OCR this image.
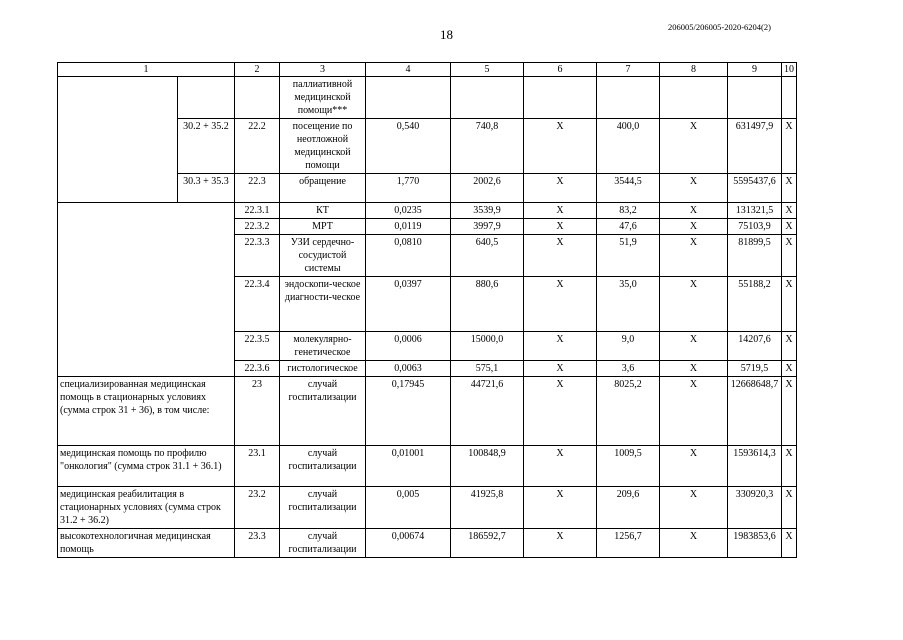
18	206005/206005-2020-6204(2)
1			2	3	4	5	6	7	8	9	10
				паллиативной медицинской помощи***							
		30.2 + 35.2	22.2	посещение по неотложной медицинской помощи	0,540	740,8	X	400,0	X	631497,9	X
		30.3 + 35.3	22.3	обращение	1,770	2002,6	X	3544,5	X	5595437,6	X
			22.3.1	КТ	0,0235	3539,9	X	83,2	X	131321,5	X
			22.3.2	МРТ	0,0119	3997,9	X	47,6	X	75103,9	X
			22.3.3	УЗИ сердечно-сосудистой системы	0,0810	640,5	X	51,9	X	81899,5	X
			22.3.4	эндоскопи-ческое диагности-ческое	0,0397	880,6	X	35,0	X	55188,2	X
			22.3.5	молекулярно-генетическое	0,0006	15000,0	X	9,0	X	14207,6	X
			22.3.6	гистологическое	0,0063	575,1	X	3,6	X	5719,5	X
специализированная медицинская помощь в стационарных условиях (сумма строк 31 + 36), в том числе:			23	случай госпитализации	0,17945	44721,6	X	8025,2	X	12668648,7	X
медицинская помощь по профилю "онкология" (сумма строк 31.1 + 36.1)			23.1	случай госпитализации	0,01001	100848,9	X	1009,5	X	1593614,3	X
медицинская реабилитация в стационарных условиях (сумма строк 31.2 + 36.2)			23.2	случай госпитализации	0,005	41925,8	X	209,6	X	330920,3	X
высокотехнологичная медицинская помощь			23.3	случай госпитализации	0,00674	186592,7	X	1256,7	X	1983853,6	X
